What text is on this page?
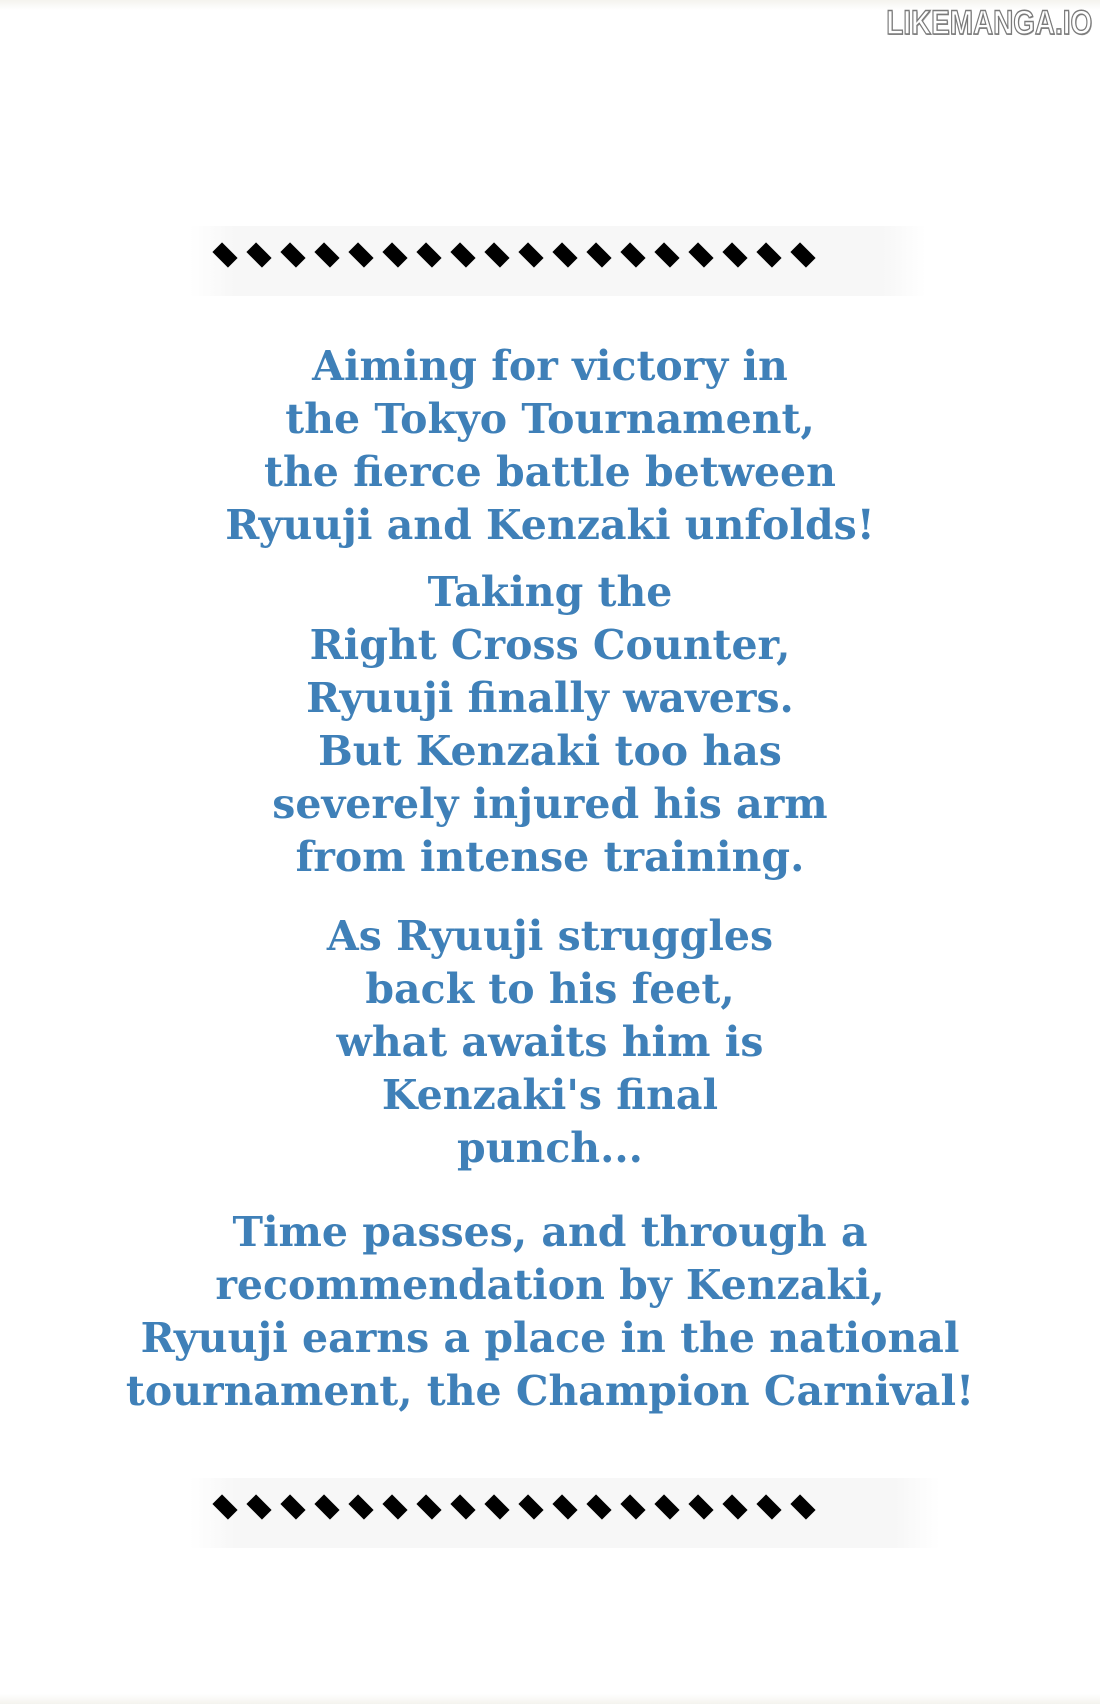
LIKEMANGA.IO
Aiming for victory in
the Tokyo Tournament,
the fierce battle between
Ryuuji and Kenzaki unfolds!
Taking the
Right Cross Counter,
Ryuuji finally wavers.
But Kenzaki too has
severely injured his arm
from intense training.
As Ryuuji struggles
back to his feet,
what awaits him is
Kenzaki's final
punch...
Time passes, and through a
recommendation by Kenzaki,
Ryuuji earns a place in the national
tournament, the Champion Carnival!
